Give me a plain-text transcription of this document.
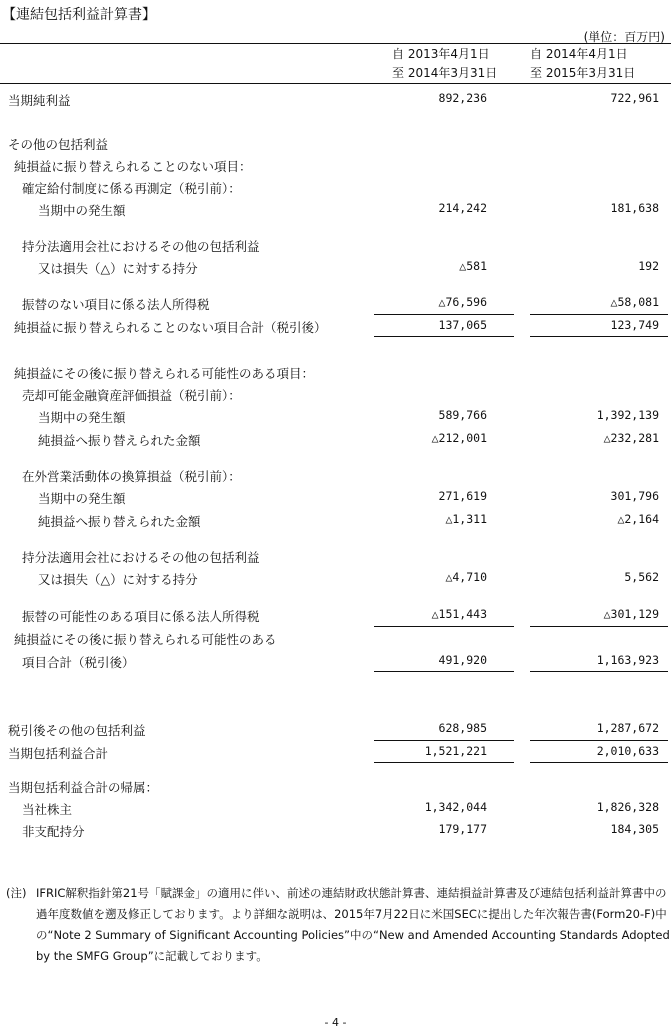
【連結包括利益計算書】
(単位：百万円)
自 2013年4月1日
至 2014年3月31日
自 2014年4月1日
至 2015年3月31日
当期純利益	892,236	722,961
その他の包括利益
純損益に振り替えられることのない項目：
確定給付制度に係る再測定（税引前）：
当期中の発生額	214,242	181,638
持分法適用会社におけるその他の包括利益
又は損失（△）に対する持分	△581	192
振替のない項目に係る法人所得税	△76,596	△58,081
純損益に振り替えられることのない項目合計（税引後）	137,065	123,749
純損益にその後に振り替えられる可能性のある項目：
売却可能金融資産評価損益（税引前）：
当期中の発生額	589,766	1,392,139
純損益へ振り替えられた金額	△212,001	△232,281
在外営業活動体の換算損益（税引前）：
当期中の発生額	271,619	301,796
純損益へ振り替えられた金額	△1,311	△2,164
持分法適用会社におけるその他の包括利益
又は損失（△）に対する持分	△4,710	5,562
振替の可能性のある項目に係る法人所得税	△151,443	△301,129
純損益にその後に振り替えられる可能性のある
項目合計（税引後）	491,920	1,163,923
税引後その他の包括利益	628,985	1,287,672
当期包括利益合計	1,521,221	2,010,633
当期包括利益合計の帰属：
当社株主	1,342,044	1,826,328
非支配持分	179,177	184,305
(注) IFRIC解釈指針第21号「賦課金」の適用に伴い、前述の連結財政状態計算書、連結損益計算書及び連結包括利益計算書中の過年度数値を遡及修正しております。より詳細な説明は、2015年7月22日に米国SECに提出した年次報告書(Form20-F)中の“Note 2 Summary of Significant Accounting Policies”中の“New and Amended Accounting Standards Adopted by the SMFG Group”に記載しております。
- 4 -
